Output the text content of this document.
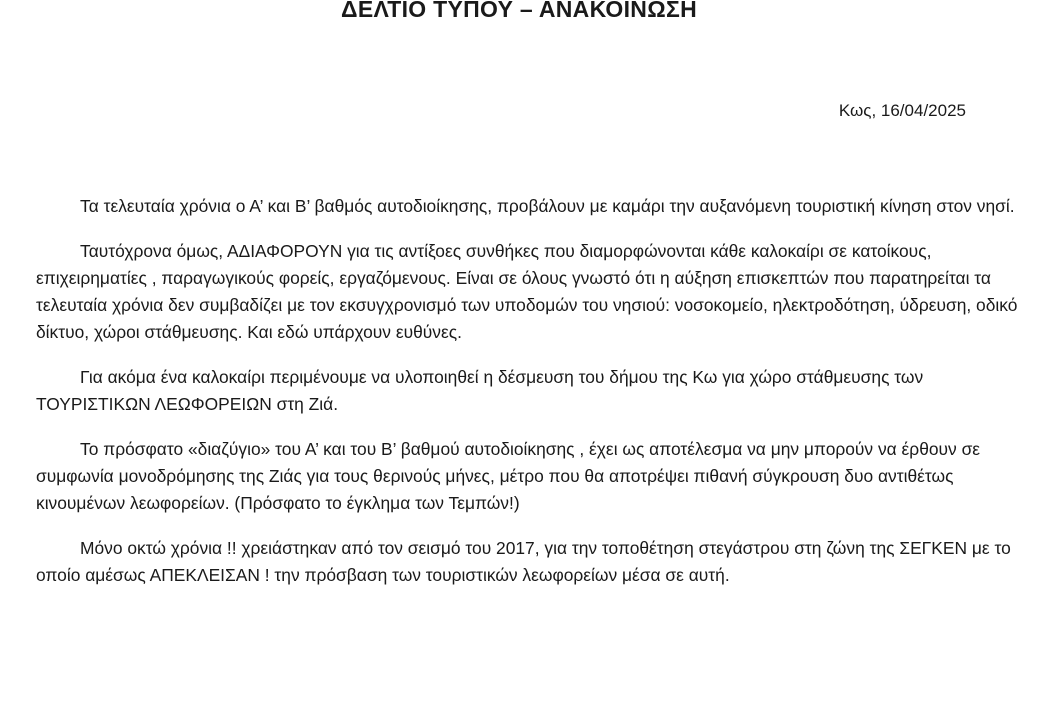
ΔΕΛΤΙΟ ΤΥΠΟΥ – ΑΝΑΚΟΙΝΩΣΗ

Κως, 16/04/2025

Τα τελευταία χρόνια ο Α’ και Β’ βαθμός αυτοδιοίκησης, προβάλουν με καμάρι την αυξανόμενη τουριστική κίνηση στον νησί.

Ταυτόχρονα όμως, ΑΔΙΑΦΟΡΟΥΝ για τις αντίξοες συνθήκες που διαμορφώνονται κάθε καλοκαίρι σε κατοίκους, επιχειρηματίες , παραγωγικούς φορείς, εργαζόμενους. Είναι σε όλους γνωστό ότι η αύξηση επισκεπτών που παρατηρείται τα τελευταία χρόνια δεν συμβαδίζει με τον εκσυγχρονισμό των υποδομών του νησιού: νοσοκομείο, ηλεκτροδότηση, ύδρευση, οδικό δίκτυο, χώροι στάθμευσης. Και εδώ υπάρχουν ευθύνες.

Για ακόμα ένα καλοκαίρι περιμένουμε να υλοποιηθεί η δέσμευση του δήμου της Κω για χώρο στάθμευσης των ΤΟΥΡΙΣΤΙΚΩΝ ΛΕΩΦΟΡΕΙΩΝ στη Ζιά.

Το πρόσφατο «διαζύγιο» του Α’ και του Β’ βαθμού αυτοδιοίκησης , έχει ως αποτέλεσμα να μην μπορούν να έρθουν σε συμφωνία μονοδρόμησης της Ζιάς για τους θερινούς μήνες, μέτρο που θα αποτρέψει πιθανή σύγκρουση δυο αντιθέτως κινουμένων λεωφορείων. (Πρόσφατο το έγκλημα των Τεμπών!)

Μόνο οκτώ χρόνια !! χρειάστηκαν από τον σεισμό του 2017, για την τοποθέτηση στεγάστρου στη ζώνη της ΣΕΓΚΕΝ με το οποίο αμέσως ΑΠΕΚΛΕΙΣΑΝ ! την πρόσβαση των τουριστικών λεωφορείων μέσα σε αυτή.
